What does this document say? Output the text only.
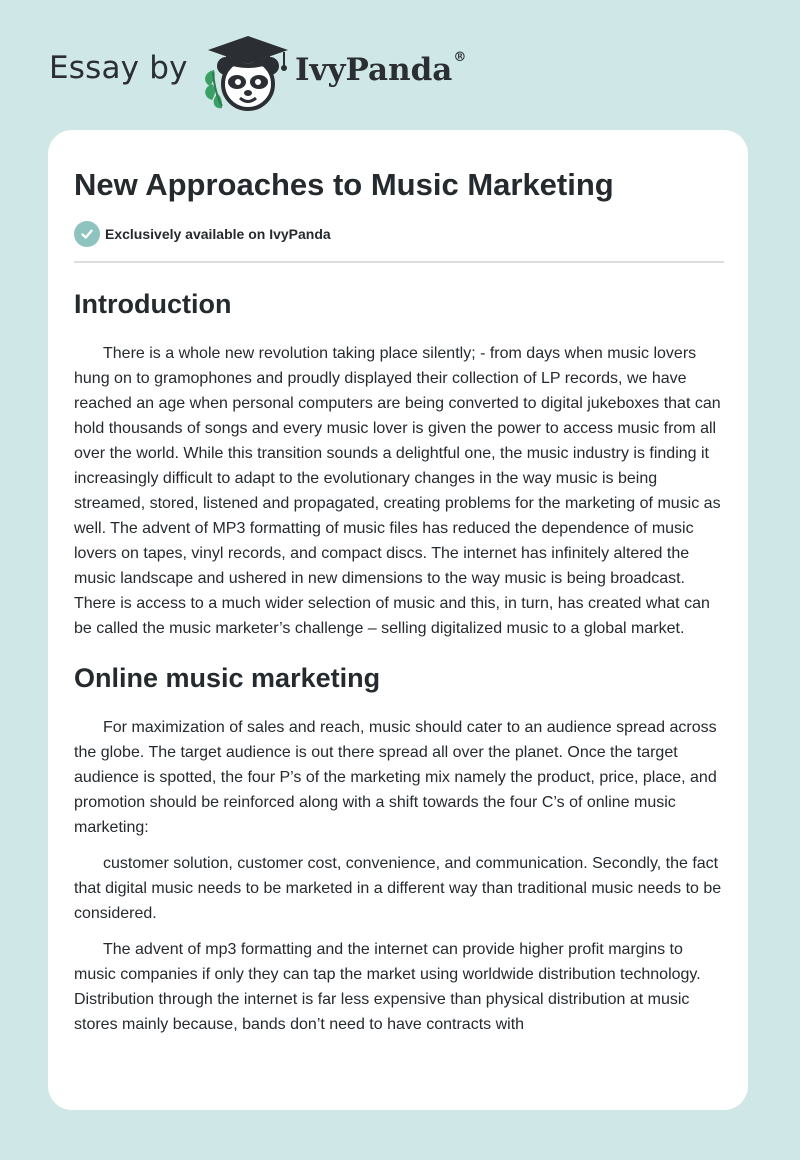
Essay by	IvyPanda®
New Approaches to Music Marketing
Exclusively available on IvyPanda
Introduction

There is a whole new revolution taking place silently; - from days when music lovers hung on to gramophones and proudly displayed their collection of LP records, we have reached an age when personal computers are being converted to digital jukeboxes that can hold thousands of songs and every music lover is given the power to access music from all over the world. While this transition sounds a delightful one, the music industry is finding it increasingly difficult to adapt to the evolutionary changes in the way music is being streamed, stored, listened and propagated, creating problems for the marketing of music as well. The advent of MP3 formatting of music files has reduced the dependence of music lovers on tapes, vinyl records, and compact discs. The internet has infinitely altered the music landscape and ushered in new dimensions to the way music is being broadcast. There is access to a much wider selection of music and this, in turn, has created what can be called the music marketer’s challenge – selling digitalized music to a global market.

Online music marketing

For maximization of sales and reach, music should cater to an audience spread across the globe. The target audience is out there spread all over the planet. Once the target audience is spotted, the four P’s of the marketing mix namely the product, price, place, and promotion should be reinforced along with a shift towards the four C’s of online music marketing:

customer solution, customer cost, convenience, and communication. Secondly, the fact that digital music needs to be marketed in a different way than traditional music needs to be considered.

The advent of mp3 formatting and the internet can provide higher profit margins to music companies if only they can tap the market using worldwide distribution technology. Distribution through the internet is far less expensive than physical distribution at music stores mainly because, bands don’t need to have contracts with
